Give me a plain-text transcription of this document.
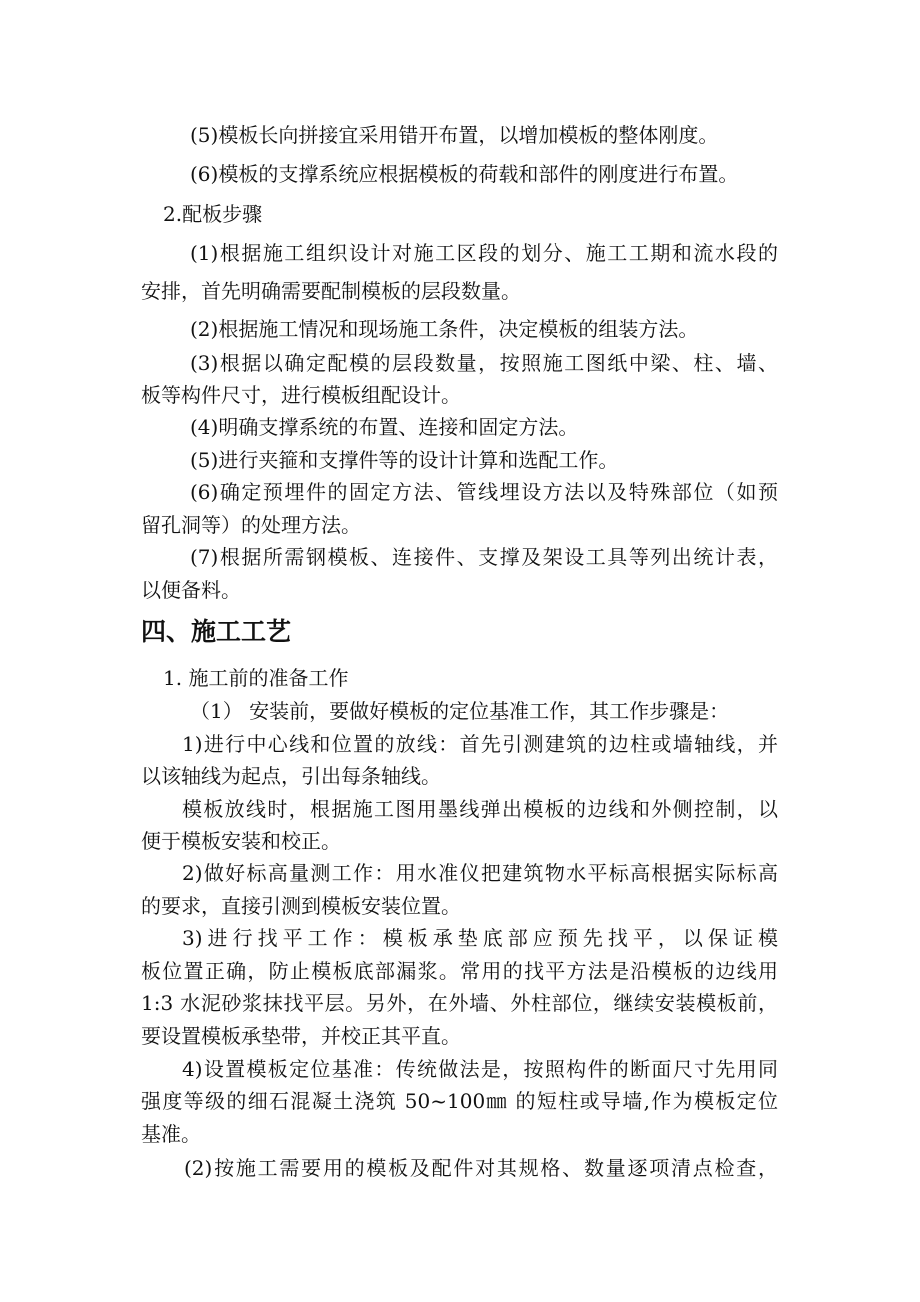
(5)模板长向拼接宜采用错开布置，以增加模板的整体刚度。
(6)模板的支撑系统应根据模板的荷载和部件的刚度进行布置。
2.配板步骤
(1)根据施工组织设计对施工区段的划分、施工工期和流水段的
安排，首先明确需要配制模板的层段数量。
(2)根据施工情况和现场施工条件，决定模板的组装方法。
(3)根据以确定配模的层段数量，按照施工图纸中梁、柱、墙、
板等构件尺寸，进行模板组配设计。
(4)明确支撑系统的布置、连接和固定方法。
(5)进行夹箍和支撑件等的设计计算和选配工作。
(6)确定预埋件的固定方法、管线埋设方法以及特殊部位（如预
留孔洞等）的处理方法。
(7)根据所需钢模板、连接件、支撑及架设工具等列出统计表，
以便备料。
四、施工工艺
1. 施工前的准备工作
（1） 安装前，要做好模板的定位基准工作，其工作步骤是：
1)进行中心线和位置的放线：首先引测建筑的边柱或墙轴线，并
以该轴线为起点，引出每条轴线。
模板放线时，根据施工图用墨线弹出模板的边线和外侧控制，以
便于模板安装和校正。
2)做好标高量测工作：用水准仪把建筑物水平标高根据实际标高
的要求，直接引测到模板安装位置。
3)进行找平工作：模板承垫底部应预先找平，以保证模
板位置正确，防止模板底部漏浆。常用的找平方法是沿模板的边线用
1:3 水泥砂浆抹找平层。另外，在外墙、外柱部位，继续安装模板前，
要设置模板承垫带，并校正其平直。
4)设置模板定位基准：传统做法是，按照构件的断面尺寸先用同
强度等级的细石混凝土浇筑 50~100㎜ 的短柱或导墙,作为模板定位
基准。
(2)按施工需要用的模板及配件对其规格、数量逐项清点检查，
